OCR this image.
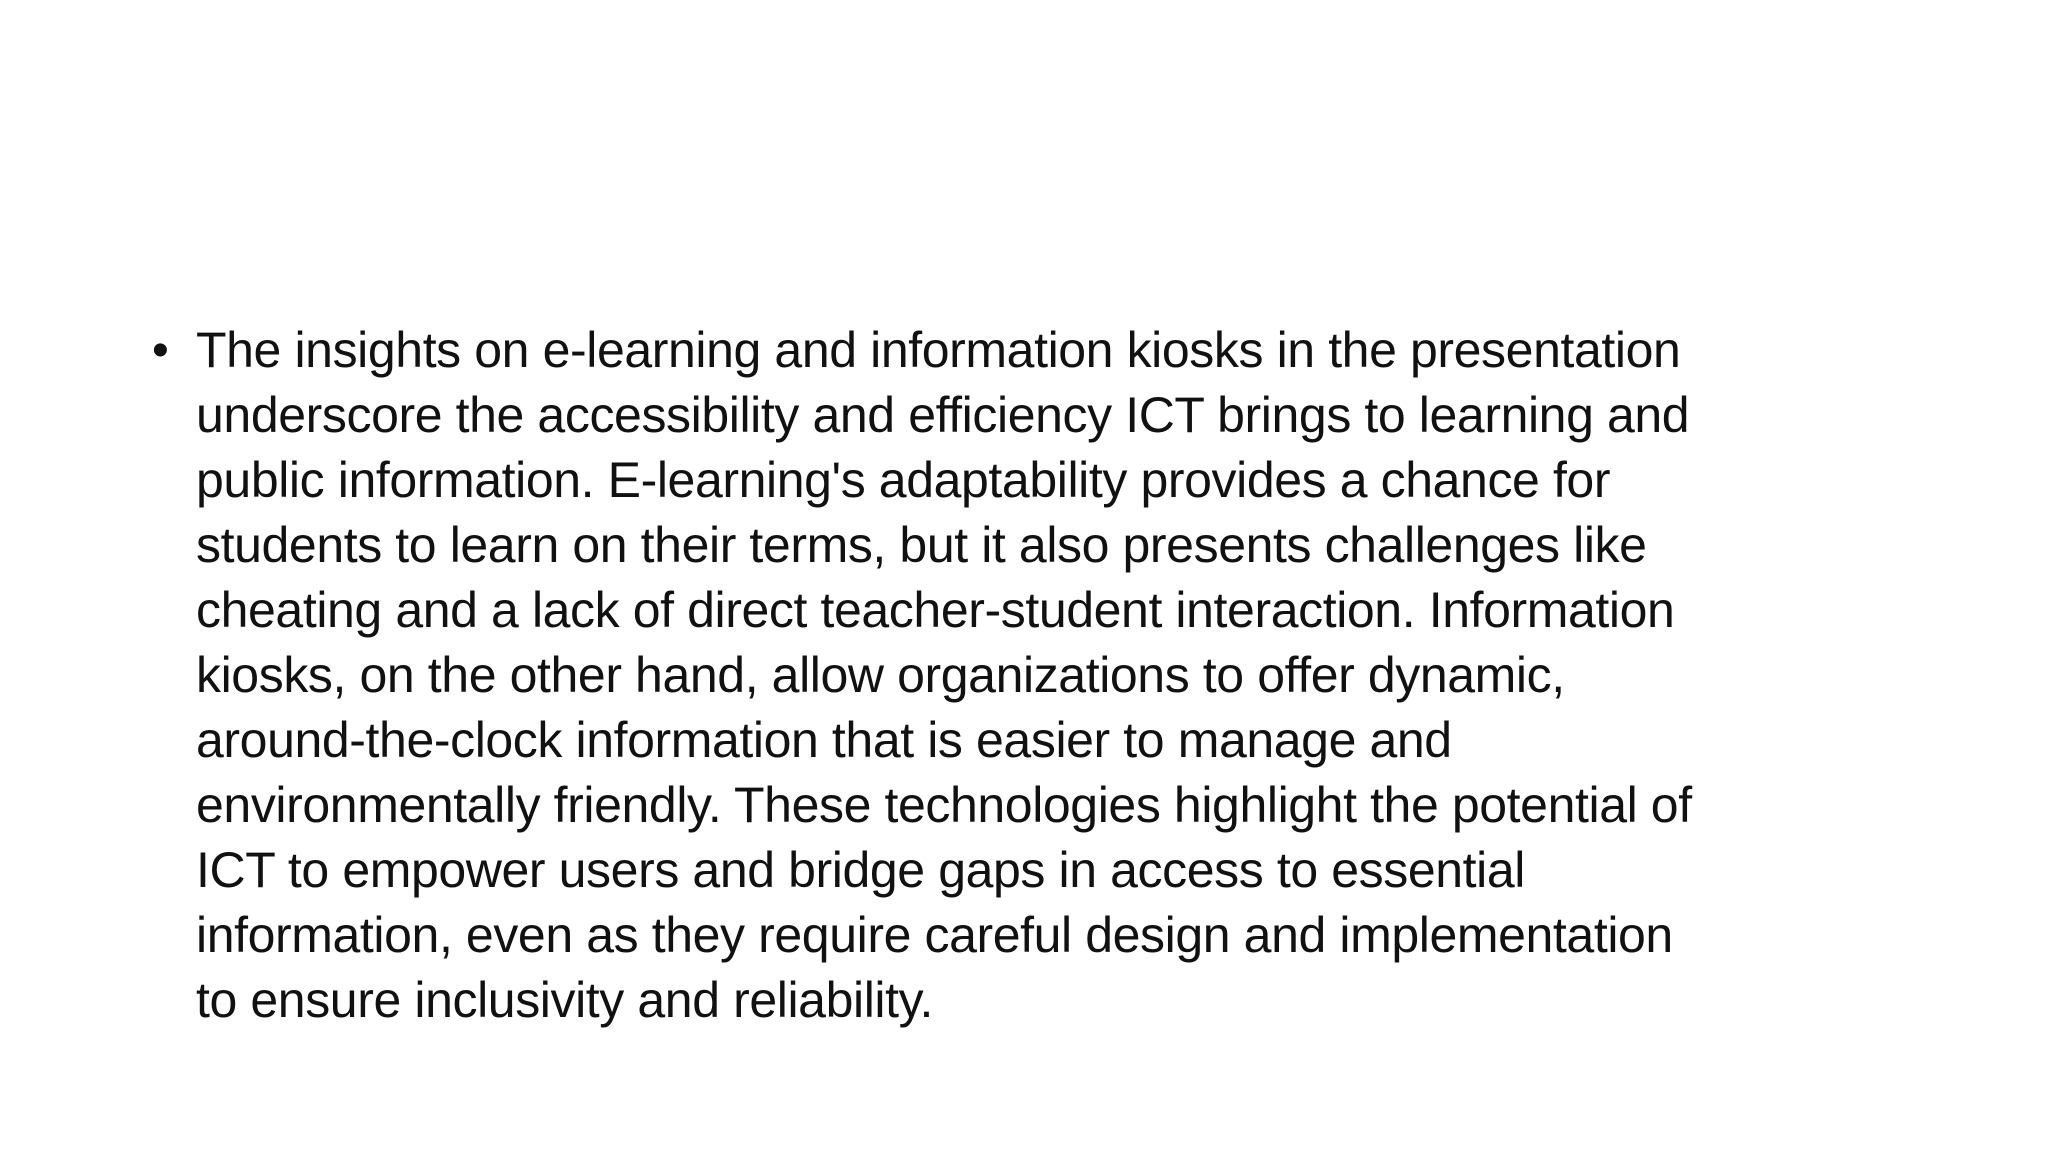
• The insights on e-learning and information kiosks in the presentation
underscore the accessibility and efficiency ICT brings to learning and
public information. E-learning's adaptability provides a chance for
students to learn on their terms, but it also presents challenges like
cheating and a lack of direct teacher-student interaction. Information
kiosks, on the other hand, allow organizations to offer dynamic,
around-the-clock information that is easier to manage and
environmentally friendly. These technologies highlight the potential of
ICT to empower users and bridge gaps in access to essential
information, even as they require careful design and implementation
to ensure inclusivity and reliability.
